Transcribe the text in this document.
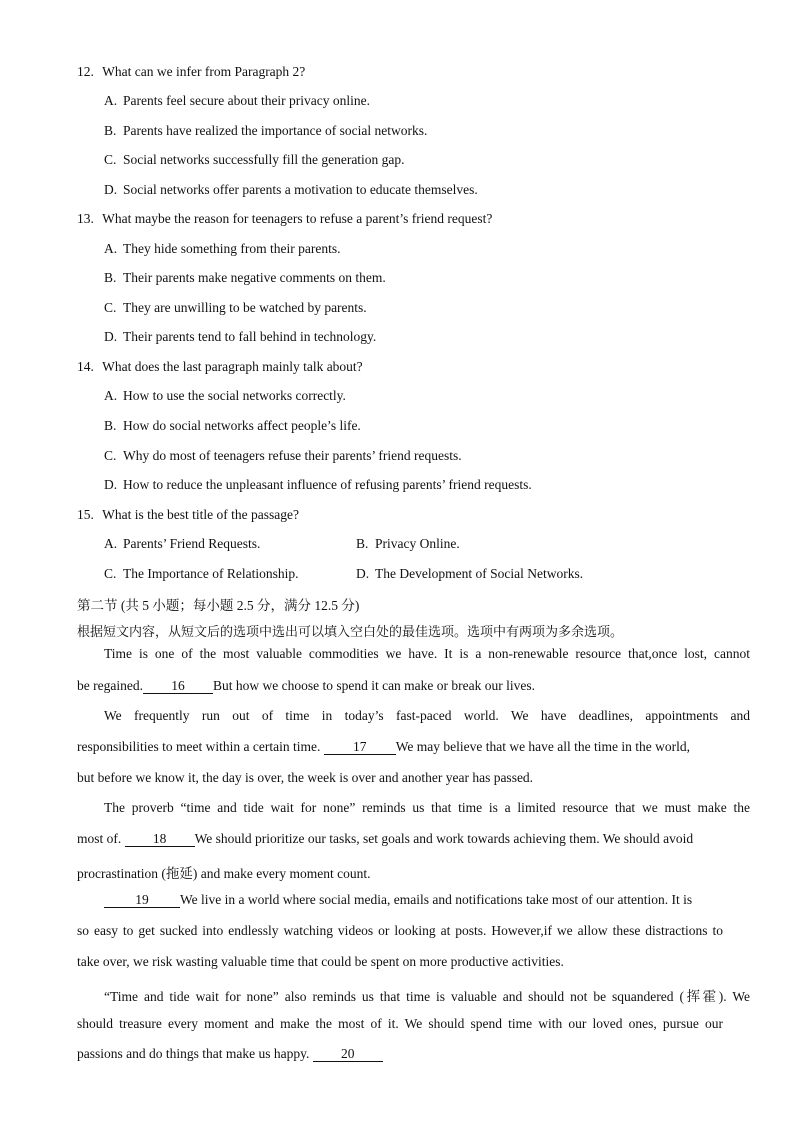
12. What can we infer from Paragraph 2?
A. Parents feel secure about their privacy online.
B. Parents have realized the importance of social networks.
C. Social networks successfully fill the generation gap.
D. Social networks offer parents a motivation to educate themselves.
13. What maybe the reason for teenagers to refuse a parent’s friend request?
A. They hide something from their parents.
B. Their parents make negative comments on them.
C. They are unwilling to be watched by parents.
D. Their parents tend to fall behind in technology.
14. What does the last paragraph mainly talk about?
A. How to use the social networks correctly.
B. How do social networks affect people’s life.
C. Why do most of teenagers refuse their parents’ friend requests.
D. How to reduce the unpleasant influence of refusing parents’ friend requests.
15. What is the best title of the passage?
A. Parents’ Friend Requests.	B. Privacy Online.
C. The Importance of Relationship.	D. The Development of Social Networks.
第二节 (共 5 小题；每小题 2.5 分，满分 12.5 分)
根据短文内容，从短文后的选项中选出可以填入空白处的最佳选项。选项中有两项为多余选项。
Time is one of the most valuable commodities we have. It is a non-renewable resource that,once lost, cannot
be regained. 16 But how we choose to spend it can make or break our lives.
We frequently run out of time in today’s fast-paced world. We have deadlines, appointments and
responsibilities to meet within a certain time. 17 We may believe that we have all the time in the world,
but before we know it, the day is over, the week is over and another year has passed.
The proverb “time and tide wait for none” reminds us that time is a limited resource that we must make the
most of. 18 We should prioritize our tasks, set goals and work towards achieving them. We should avoid
procrastination (拖延) and make every moment count.
19 We live in a world where social media, emails and notifications take most of our attention. It is
so easy to get sucked into endlessly watching videos or looking at posts. However,if we allow these distractions to
take over, we risk wasting valuable time that could be spent on more productive activities.
“Time and tide wait for none” also reminds us that time is valuable and should not be squandered (挥霍). We
should treasure every moment and make the most of it. We should spend time with our loved ones, pursue our
passions and do things that make us happy. 20
